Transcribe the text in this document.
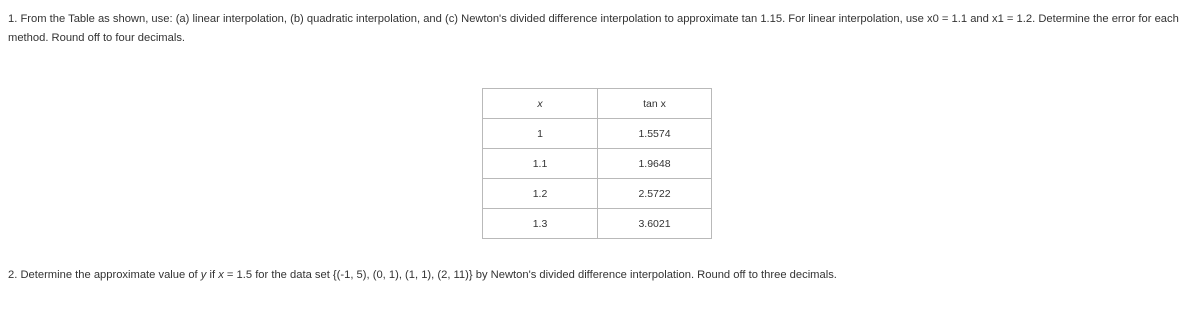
1. From the Table as shown, use: (a) linear interpolation, (b) quadratic interpolation, and (c) Newton's divided difference interpolation to approximate tan 1.15. For linear interpolation, use x0 = 1.1 and x1 = 1.2. Determine the error for each method. Round off to four decimals.

x	tan x
1	1.5574
1.1	1.9648
1.2	2.5722
1.3	3.6021

2. Determine the approximate value of y if x = 1.5 for the data set {(-1, 5), (0, 1), (1, 1), (2, 11)} by Newton's divided difference interpolation. Round off to three decimals.
